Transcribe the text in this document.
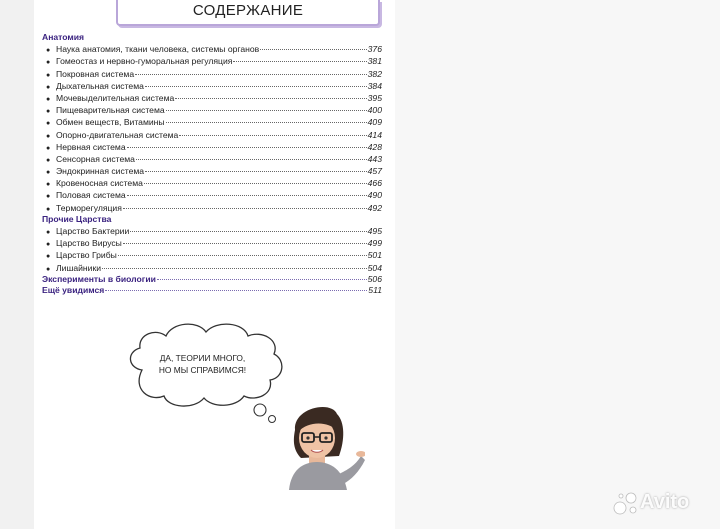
СОДЕРЖАНИЕ
Анатомия
● Наука анатомия, ткани человека, системы органов	376
● Гомеостаз и нервно-гуморальная регуляция	381
● Покровная система	382
● Дыхательная система	384
● Мочевыделительная система	395
● Пищеварительная система	400
● Обмен веществ, Витамины	409
● Опорно-двигательная система	414
● Нервная система	428
● Сенсорная система	443
● Эндокринная система	457
● Кровеносная система	466
● Половая система	490
● Терморегуляция	492
Прочие Царства
● Царство Бактерии	495
● Царство Вирусы	499
● Царство Грибы	501
● Лишайники	504
Эксперименты в биологии	506
Ещё увидимся	511
ДА, ТЕОРИИ МНОГО,
НО МЫ СПРАВИМСЯ!
Avito
